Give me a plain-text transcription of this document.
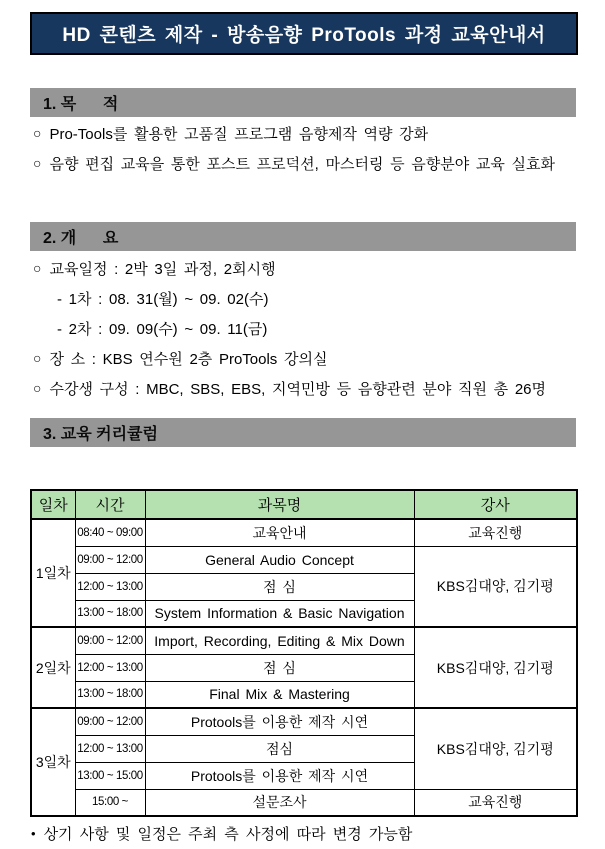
HD 콘텐츠 제작 - 방송음향 ProTools 과정 교육안내서
1. 목      적
○ Pro-Tools를 활용한 고품질 프로그램 음향제작 역량 강화
○ 음향 편집 교육을 통한 포스트 프로덕션, 마스터링 등 음향분야 교육 실효화
2. 개      요
○ 교육일정 : 2박 3일 과정, 2회시행
- 1차 : 08. 31(월) ~ 09. 02(수)
- 2차 : 09. 09(수) ~ 09. 11(금)
○ 장 소 : KBS 연수원 2층 ProTools 강의실
○ 수강생 구성 : MBC, SBS, EBS, 지역민방 등 음향관련 분야 직원 총 26명
3. 교육 커리큘럼
일차	시간	과목명	강사
1일차	08:40 ~ 09:00	교육안내	교육진행
	09:00 ~ 12:00	General Audio Concept	KBS김대양, 김기평
	12:00 ~ 13:00	점 심	
	13:00 ~ 18:00	System Information & Basic Navigation	
2일차	09:00 ~ 12:00	Import, Recording, Editing & Mix Down	KBS김대양, 김기평
	12:00 ~ 13:00	점 심	
	13:00 ~ 18:00	Final Mix & Mastering	
3일차	09:00 ~ 12:00	Protools를 이용한 제작 시연	KBS김대양, 김기평
	12:00 ~ 13:00	점심	
	13:00 ~ 15:00	Protools를 이용한 제작 시연	
	15:00 ~	설문조사	교육진행
• 상기 사항 및 일정은 주최 측 사정에 따라 변경 가능함
